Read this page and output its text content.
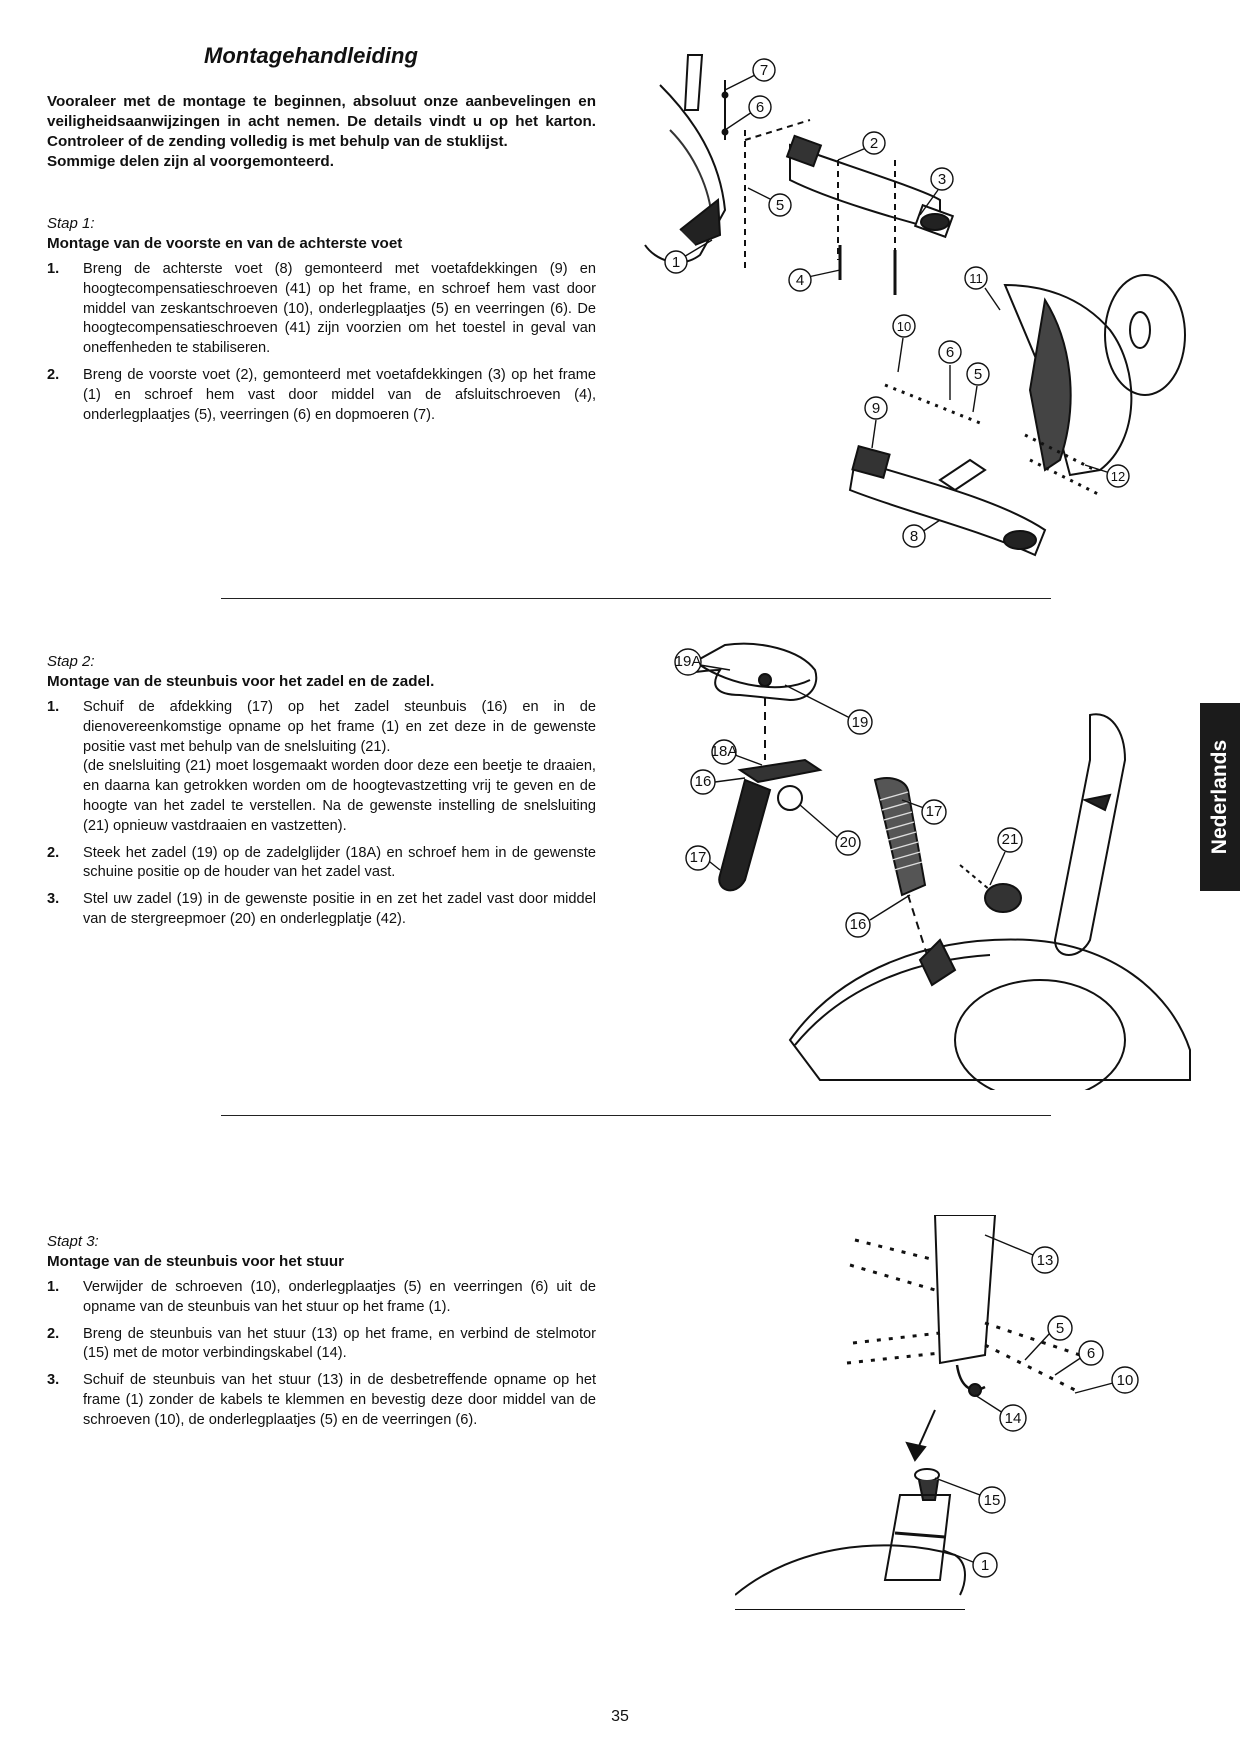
Montagehandleiding

Vooraleer met de montage te beginnen, absoluut onze aanbevelingen en veiligheidsaanwijzingen in acht nemen. De details vindt u op het karton. Controleer of de zending volledig is met behulp van de stuklijst.

Sommige delen zijn al voorgemonteerd.

Stap 1:
Montage van de voorste en van de achterste voet
1. Breng de achterste voet (8) gemonteerd met voetafdekkingen (9) en hoogtecompensatieschroeven (41) op het frame, en schroef hem vast door middel van zeskantschroeven (10), onderlegplaatjes (5) en veerringen (6). De hoogtecompensatieschroeven (41) zijn voorzien om het toestel in geval van oneffenheden te stabiliseren.
2. Breng de voorste voet (2), gemonteerd met voetafdekkingen (3) op het frame (1) en schroef hem vast door middel van de afsluitschroeven (4), onderlegplaatjes (5), veerringen (6) en dopmoeren (7).
Stap 2:
Montage van de steunbuis voor het zadel en de zadel.
1. Schuif de afdekking (17) op het zadel steunbuis (16) en in de dienovereenkomstige opname op het frame (1) en zet deze in de gewenste positie vast met behulp van de snelsluiting (21).
(de snelsluiting (21) moet losgemaakt worden door deze een beetje te draaien, en daarna kan getrokken worden om de hoogtevastzetting vrij te geven en de hoogte van het zadel te verstellen. Na de gewenste instelling de snelsluiting (21) opnieuw vastdraaien en vastzetten).
2. Steek het zadel (19) op de zadelglijder (18A) en schroef hem in de gewenste schuine positie op de houder van het zadel vast.
3. Stel uw zadel (19) in de gewenste positie in en zet het zadel vast door middel van de stergreepmoer (20) en onderlegplatje (42).
Stapt 3:
Montage van de steunbuis voor het stuur
1. Verwijder de schroeven (10), onderlegplaatjes (5) en veerringen (6) uit de opname van de steunbuis van het stuur op het frame (1).
2. Breng de steunbuis van het stuur (13) op het frame, en verbind de stelmotor (15) met de motor verbindingskabel (14).
3. Schuif de steunbuis van het stuur (13) in de desbetreffende opname op het frame (1) zonder de kabels te klemmen en bevestig deze door middel van de schroeven (10), de onderlegplaatjes (5) en de veerringen (6).
7
6
2
5
3
1
4	11
10
6
5
9
12
8
19A
19
18A
16
20
17
17
21
16
13
5
6
10
14
15
1
Nederlands
35
